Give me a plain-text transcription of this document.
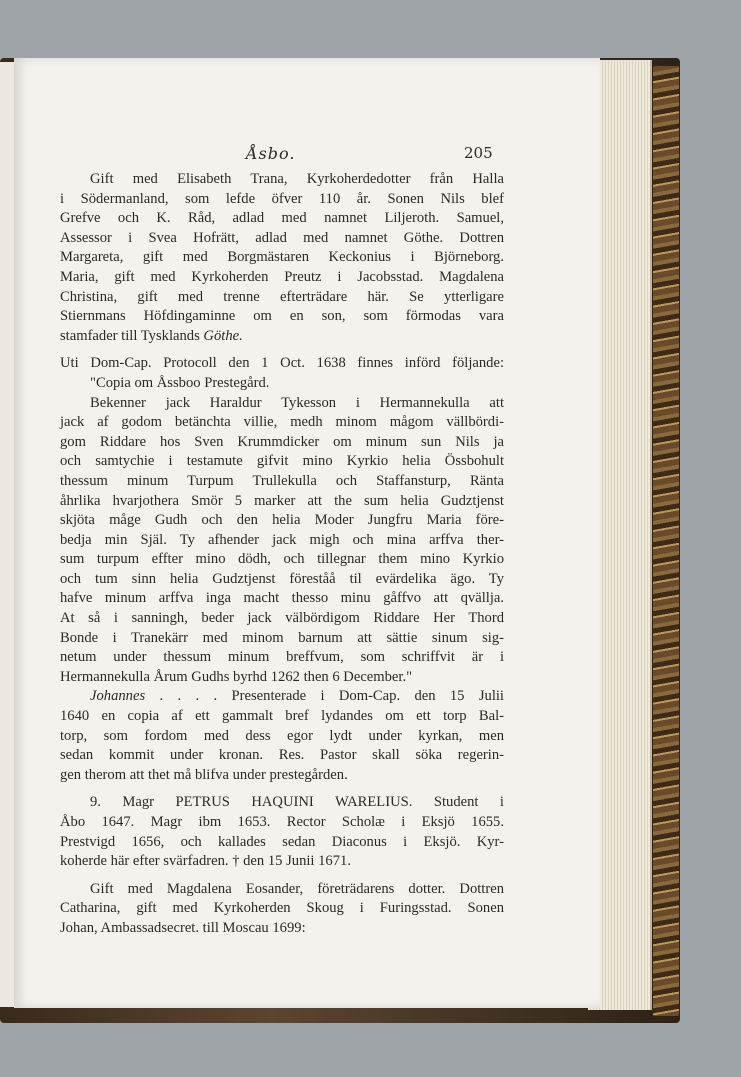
Åsbo.	205

Gift med Elisabeth Trana, Kyrkoherdedotter från Halla
i Södermanland, som lefde öfver 110 år. Sonen Nils blef
Grefve och K. Råd, adlad med namnet Liljeroth. Samuel,
Assessor i Svea Hofrätt, adlad med namnet Göthe. Dottren
Margareta, gift med Borgmästaren Keckonius i Björneborg.
Maria, gift med Kyrkoherden Preutz i Jacobsstad. Magdalena
Christina, gift med trenne efterträdare här. Se ytterligare
Stiernmans Höfdingaminne om en son, som förmodas vara
stamfader till Tysklands Göthe.

Uti Dom-Cap. Protocoll den 1 Oct. 1638 finnes införd följande:
"Copia om Åssboo Prestegård.

Bekenner jack Haraldur Tykesson i Hermannekulla att
jack af godom betänchta villie, medh minom mågom vällbördi-
gom Riddare hos Sven Krummdicker om minum sun Nils ja
och samtychie i testamute gifvit mino Kyrkio helia Össbohult
thessum minum Turpum Trullekulla och Staffansturp, Ränta
åhrlika hvarjothera Smör 5 marker att the sum helia Gudztjenst
skjöta måge Gudh och den helia Moder Jungfru Maria före-
bedja min Själ. Ty afhender jack migh och mina arffva ther-
sum turpum effter mino dödh, och tillegnar them mino Kyrkio
och tum sinn helia Gudztjenst föreståå til evärdelika ägo. Ty
hafve minum arffva inga macht thesso minu gåffvo att qvällja.
At så i sanningh, beder jack välbördigom Riddare Her Thord
Bonde i Tranekärr med minom barnum att sättie sinum sig-
netum under thessum minum breffvum, som schriffvit är i
Hermannekulla Årum Gudhs byrhd 1262 then 6 December."

Johannes . . . . Presenterade i Dom-Cap. den 15 Julii
1640 en copia af ett gammalt bref lydandes om ett torp Bal-
torp, som fordom med dess egor lydt under kyrkan, men
sedan kommit under kronan. Res. Pastor skall söka regerin-
gen therom att thet må blifva under prestegården.

9. Magr PETRUS HAQUINI WARELIUS. Student i
Åbo 1647. Magr ibm 1653. Rector Scholæ i Eksjö 1655.
Prestvigd 1656, och kallades sedan Diaconus i Eksjö. Kyr-
koherde här efter svärfadren. † den 15 Junii 1671.

Gift med Magdalena Eosander, företrädarens dotter. Dottren
Catharina, gift med Kyrkoherden Skoug i Furingsstad. Sonen
Johan, Ambassadsecret. till Moscau 1699:
